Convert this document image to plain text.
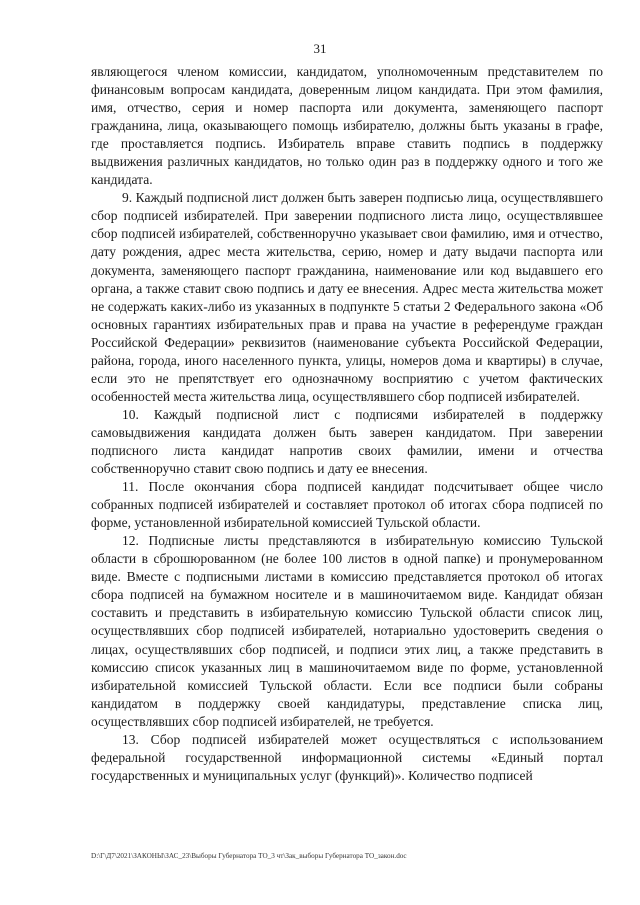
31

являющегося членом комиссии, кандидатом, уполномоченным представителем по финансовым вопросам кандидата, доверенным лицом кандидата. При этом фамилия, имя, отчество, серия и номер паспорта или документа, заменяющего паспорт гражданина, лица, оказывающего помощь избирателю, должны быть указаны в графе, где проставляется подпись. Избиратель вправе ставить подпись в поддержку выдвижения различных кандидатов, но только один раз в поддержку одного и того же кандидата.

9. Каждый подписной лист должен быть заверен подписью лица, осуществлявшего сбор подписей избирателей. При заверении подписного листа лицо, осуществлявшее сбор подписей избирателей, собственноручно указывает свои фамилию, имя и отчество, дату рождения, адрес места жительства, серию, номер и дату выдачи паспорта или документа, заменяющего паспорт гражданина, наименование или код выдавшего его органа, а также ставит свою подпись и дату ее внесения. Адрес места жительства может не содержать каких-либо из указанных в подпункте 5 статьи 2 Федерального закона «Об основных гарантиях избирательных прав и права на участие в референдуме граждан Российской Федерации» реквизитов (наименование субъекта Российской Федерации, района, города, иного населенного пункта, улицы, номеров дома и квартиры) в случае, если это не препятствует его однозначному восприятию с учетом фактических особенностей места жительства лица, осуществлявшего сбор подписей избирателей.

10. Каждый подписной лист с подписями избирателей в поддержку самовыдвижения кандидата должен быть заверен кандидатом. При заверении подписного листа кандидат напротив своих фамилии, имени и отчества собственноручно ставит свою подпись и дату ее внесения.

11. После окончания сбора подписей кандидат подсчитывает общее число собранных подписей избирателей и составляет протокол об итогах сбора подписей по форме, установленной избирательной комиссией Тульской области.

12. Подписные листы представляются в избирательную комиссию Тульской области в сброшюрованном (не более 100 листов в одной папке) и пронумерованном виде. Вместе с подписными листами в комиссию представляется протокол об итогах сбора подписей на бумажном носителе и в машиночитаемом виде. Кандидат обязан составить и представить в избирательную комиссию Тульской области список лиц, осуществлявших сбор подписей избирателей, нотариально удостоверить сведения о лицах, осуществлявших сбор подписей, и подписи этих лиц, а также представить в комиссию список указанных лиц в машиночитаемом виде по форме, установленной избирательной комиссией Тульской области. Если все подписи были собраны кандидатом в поддержку своей кандидатуры, представление списка лиц, осуществлявших сбор подписей избирателей, не требуется.

13. Сбор подписей избирателей может осуществляться с использованием федеральной государственной информационной системы «Единый портал государственных и муниципальных услуг (функций)». Количество подписей

D:\Г\Д7\2021\ЗАКОНЫ\ЗАС_23\Выборы Губернатора ТО_3 чт\Зак_выборы Губернатора ТО_закон.doc
